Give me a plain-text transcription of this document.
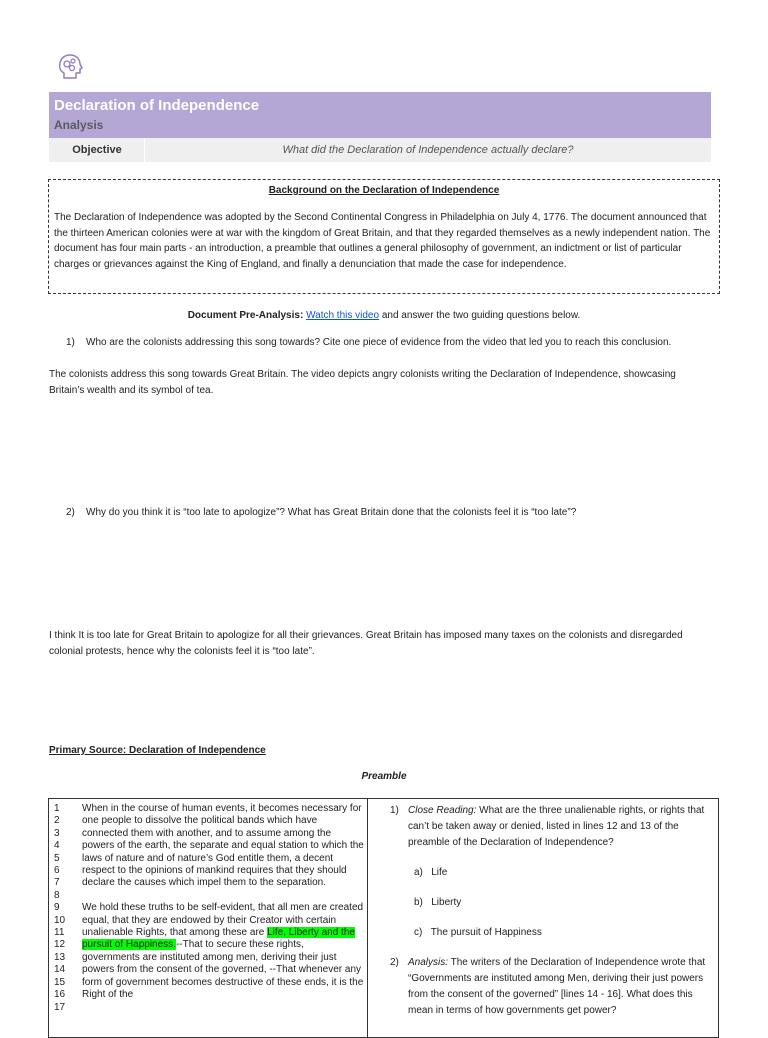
Declaration of Independence
Analysis
Objective	What did the Declaration of Independence actually declare?
Background on the Declaration of Independence
The Declaration of Independence was adopted by the Second Continental Congress in Philadelphia on July 4, 1776. The document announced that the thirteen American colonies were at war with the kingdom of Great Britain, and that they regarded themselves as a newly independent nation. The document has four main parts - an introduction, a preamble that outlines a general philosophy of government, an indictment or list of particular charges or grievances against the King of England, and finally a denunciation that made the case for independence.
Document Pre-Analysis: Watch this video and answer the two guiding questions below.
1) Who are the colonists addressing this song towards? Cite one piece of evidence from the video that led you to reach this conclusion.
The colonists address this song towards Great Britain. The video depicts angry colonists writing the Declaration of Independence, showcasing Britain’s wealth and its symbol of tea.
2) Why do you think it is “too late to apologize”? What has Great Britain done that the colonists feel it is “too late”?
I think It is too late for Great Britain to apologize for all their grievances. Great Britain has imposed many taxes on the colonists and disregarded colonial protests, hence why the colonists feel it is “too late”.
Primary Source: Declaration of Independence
Preamble
1
2
3
4
5
6
7
8
9
10
11
12
13
14
15
16
17
When in the course of human events, it becomes necessary for one people to dissolve the political bands which have connected them with another, and to assume among the powers of the earth, the separate and equal station to which the laws of nature and of nature’s God entitle them, a decent respect to the opinions of mankind requires that they should declare the causes which impel them to the separation.
We hold these truths to be self-evident, that all men are created equal, that they are endowed by their Creator with certain unalienable Rights, that among these are Life, Liberty and the pursuit of Happiness.--That to secure these rights, governments are instituted among men, deriving their just powers from the consent of the governed, --That whenever any form of government becomes destructive of these ends, it is the Right of the
1) Close Reading: What are the three unalienable rights, or rights that can’t be taken away or denied, listed in lines 12 and 13 of the preamble of the Declaration of Independence?
a) Life
b) Liberty
c) The pursuit of Happiness
2) Analysis: The writers of the Declaration of Independence wrote that “Governments are instituted among Men, deriving their just powers from the consent of the governed” [lines 14 - 16]. What does this mean in terms of how governments get power?
